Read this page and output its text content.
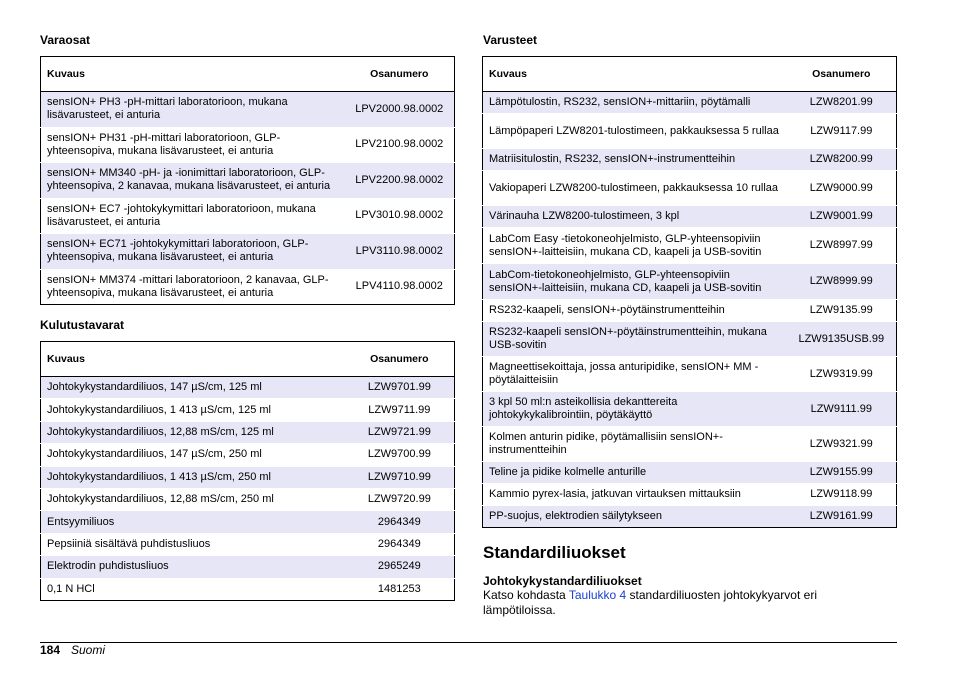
Varaosat
Kuvaus	Osanumero
sensION+ PH3 -pH-mittari laboratorioon, mukana lisävarusteet, ei anturia	LPV2000.98.0002
sensION+ PH31 -pH-mittari laboratorioon, GLP-yhteensopiva, mukana lisävarusteet, ei anturia	LPV2100.98.0002
sensION+ MM340 -pH- ja -ionimittari laboratorioon, GLP-yhteensopiva, 2 kanavaa, mukana lisävarusteet, ei anturia	LPV2200.98.0002
sensION+ EC7 -johtokykymittari laboratorioon, mukana lisävarusteet, ei anturia	LPV3010.98.0002
sensION+ EC71 -johtokykymittari laboratorioon, GLP-yhteensopiva, mukana lisävarusteet, ei anturia	LPV3110.98.0002
sensION+ MM374 -mittari laboratorioon, 2 kanavaa, GLP-yhteensopiva, mukana lisävarusteet, ei anturia	LPV4110.98.0002
Kulutustavarat
Kuvaus	Osanumero
Johtokykystandardiliuos, 147 µS/cm, 125 ml	LZW9701.99
Johtokykystandardiliuos, 1 413 µS/cm, 125 ml	LZW9711.99
Johtokykystandardiliuos, 12,88 mS/cm, 125 ml	LZW9721.99
Johtokykystandardiliuos, 147 µS/cm, 250 ml	LZW9700.99
Johtokykystandardiliuos, 1 413 µS/cm, 250 ml	LZW9710.99
Johtokykystandardiliuos, 12,88 mS/cm, 250 ml	LZW9720.99
Entsyymiliuos	2964349
Pepsiiniä sisältävä puhdistusliuos	2964349
Elektrodin puhdistusliuos	2965249
0,1 N HCl	1481253
Varusteet
Kuvaus	Osanumero
Lämpötulostin, RS232, sensION+-mittariin, pöytämalli	LZW8201.99
Lämpöpaperi LZW8201-tulostimeen, pakkauksessa 5 rullaa	LZW9117.99
Matriisitulostin, RS232, sensION+-instrumentteihin	LZW8200.99
Vakiopaperi LZW8200-tulostimeen, pakkauksessa 10 rullaa	LZW9000.99
Värinauha LZW8200-tulostimeen, 3 kpl	LZW9001.99
LabCom Easy -tietokoneohjelmisto, GLP-yhteensopiviin sensION+-laitteisiin, mukana CD, kaapeli ja USB-sovitin	LZW8997.99
LabCom-tietokoneohjelmisto, GLP-yhteensopiviin sensION+-laitteisiin, mukana CD, kaapeli ja USB-sovitin	LZW8999.99
RS232-kaapeli, sensION+-pöytäinstrumentteihin	LZW9135.99
RS232-kaapeli sensION+-pöytäinstrumentteihin, mukana USB-sovitin	LZW9135USB.99
Magneettisekoittaja, jossa anturipidike, sensION+ MM -pöytälaitteisiin	LZW9319.99
3 kpl 50 ml:n asteikollisia dekanttereita johtokykykalibrointiin, pöytäkäyttö	LZW9111.99
Kolmen anturin pidike, pöytämallisiin sensION+-instrumentteihin	LZW9321.99
Teline ja pidike kolmelle anturille	LZW9155.99
Kammio pyrex-lasia, jatkuvan virtauksen mittauksiin	LZW9118.99
PP-suojus, elektrodien säilytykseen	LZW9161.99
Standardiliuokset
Johtokykystandardiliuokset

Katso kohdasta Taulukko 4 standardiliuosten johtokykyarvot eri lämpötiloissa.

184 Suomi
